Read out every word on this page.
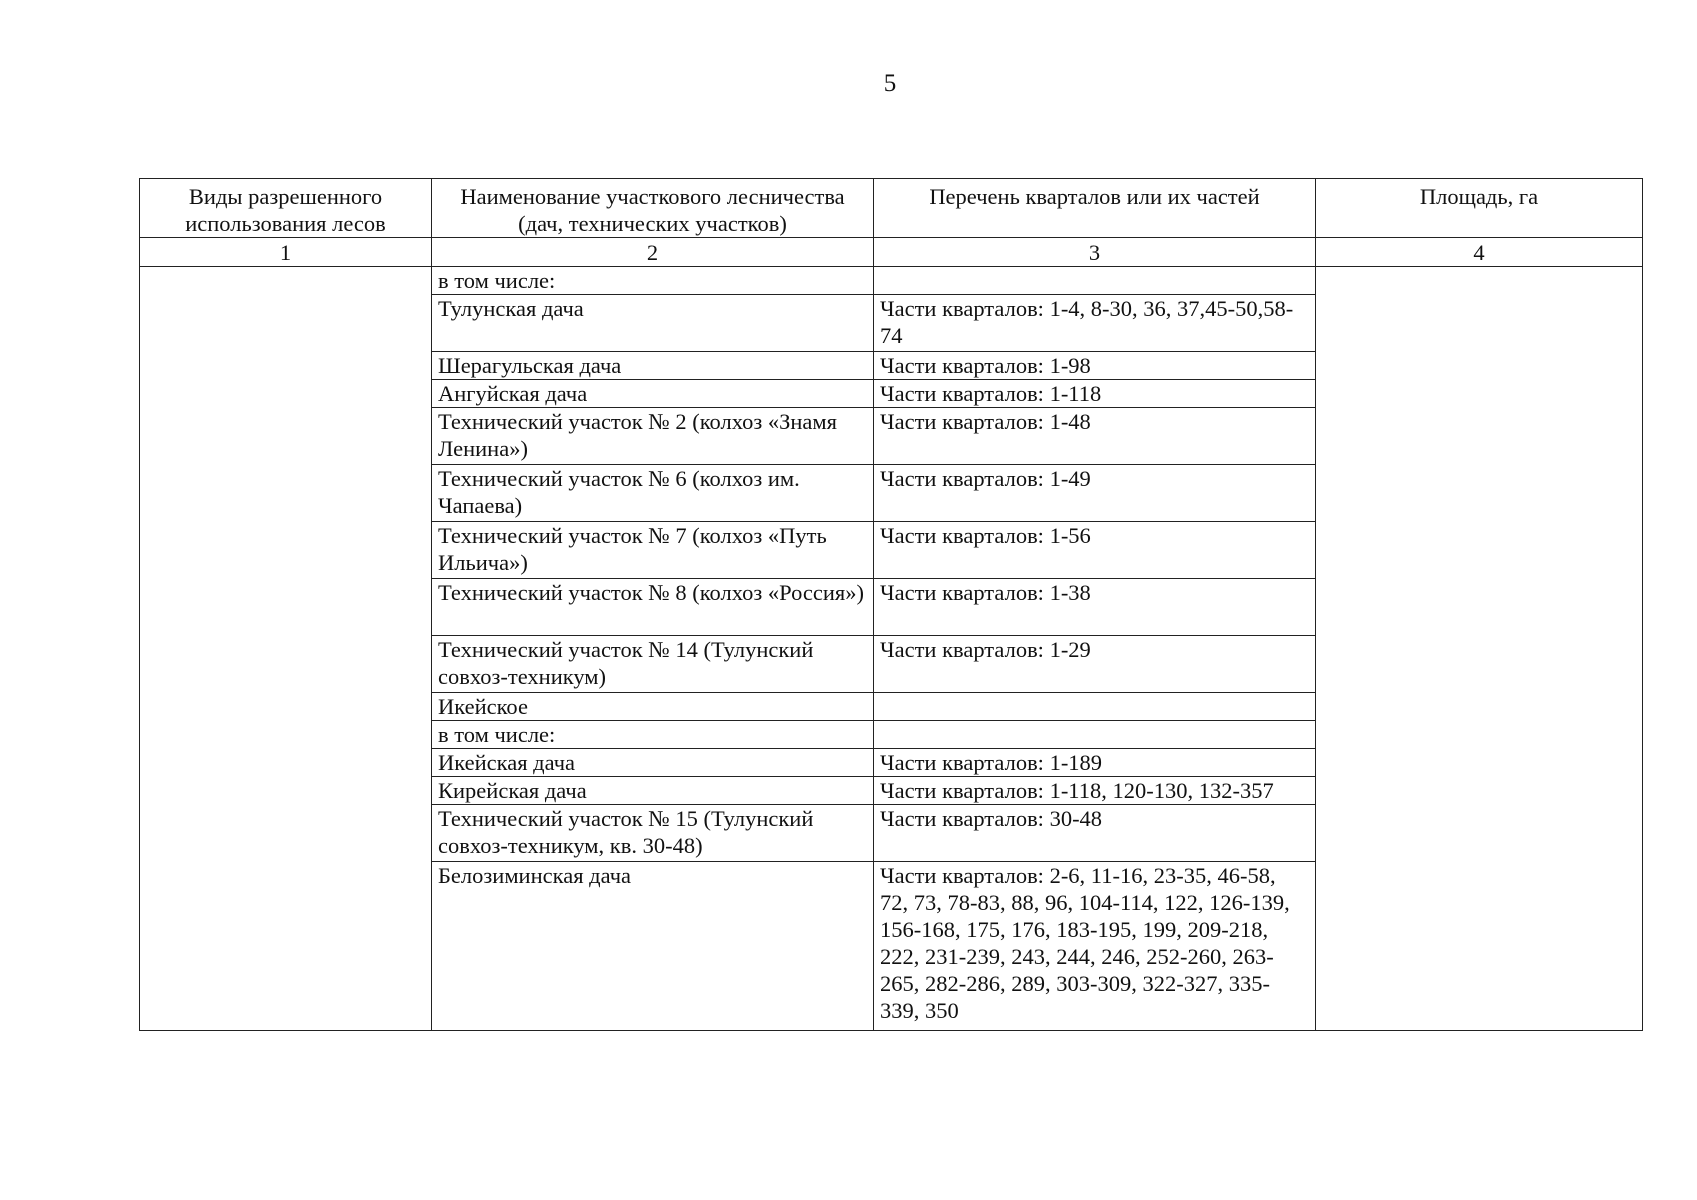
5
Виды разрешенного использования лесов	Наименование участкового лесничества (дач, технических участков)	Перечень кварталов или их частей	Площадь, га
1	2	3	4
	в том числе:		
	Тулунская дача	Части кварталов: 1-4, 8-30, 36, 37,45-50,58-74	
	Шерагульская дача	Части кварталов: 1-98	
	Ангуйская дача	Части кварталов: 1-118	
	Технический участок № 2 (колхоз «Знамя Ленина»)	Части кварталов: 1-48	
	Технический участок № 6 (колхоз им. Чапаева)	Части кварталов: 1-49	
	Технический участок № 7 (колхоз «Путь Ильича»)	Части кварталов: 1-56	
	Технический участок № 8 (колхоз «Россия»)	Части кварталов: 1-38	
	Технический участок № 14 (Тулунский совхоз-техникум)	Части кварталов: 1-29	
	Икейское		
	в том числе:		
	Икейская дача	Части кварталов: 1-189	
	Кирейская дача	Части кварталов: 1-118, 120-130, 132-357	
	Технический участок № 15 (Тулунский совхоз-техникум, кв. 30-48)	Части кварталов: 30-48	
	Белозиминская дача	Части кварталов: 2-6, 11-16, 23-35, 46-58, 72, 73, 78-83, 88, 96, 104-114, 122, 126-139, 156-168, 175, 176, 183-195, 199, 209-218, 222, 231-239, 243, 244, 246, 252-260, 263-265, 282-286, 289, 303-309, 322-327, 335-339, 350	
